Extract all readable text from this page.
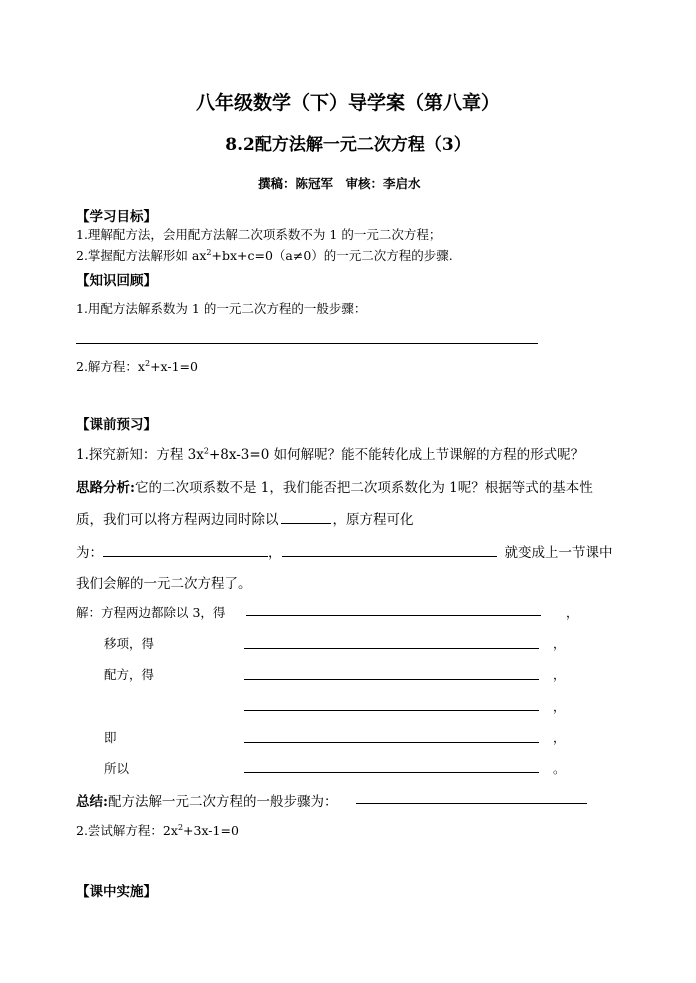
八年级数学（下）导学案（第八章）
8.2配方法解一元二次方程（3）
撰稿：陈冠军　审核：李启水
【学习目标】
1.理解配方法，会用配方法解二次项系数不为 1 的一元二次方程；
2.掌握配方法解形如 $ax^2+bx+c=0(a\ne 0)$的一元二次方程的步骤.
【知识回顾】
1.用配方法解系数为 1 的一元二次方程的一般步骤：
2.解方程：$x^2+x-1=0$
【课前预习】
1.探究新知：方程 $3x^2+8x-3=0$ 如何解呢？能不能转化成上节课解的方程的形式呢？
思路分析:它的二次项系数不是 1，我们能否把二次项系数化为 1呢？根据等式的基本性
质，我们可以将方程两边同时除以	，原方程可化
为：	，	就变成上一节课中
我们会解的一元二次方程了。
解：方程两边都除以 3，得	，
移项，得	，
配方，得	，
，
即	，
所以	。
总结:配方法解一元二次方程的一般步骤为：
2.尝试解方程：$2x^2+3x-1=0$
【课中实施】
